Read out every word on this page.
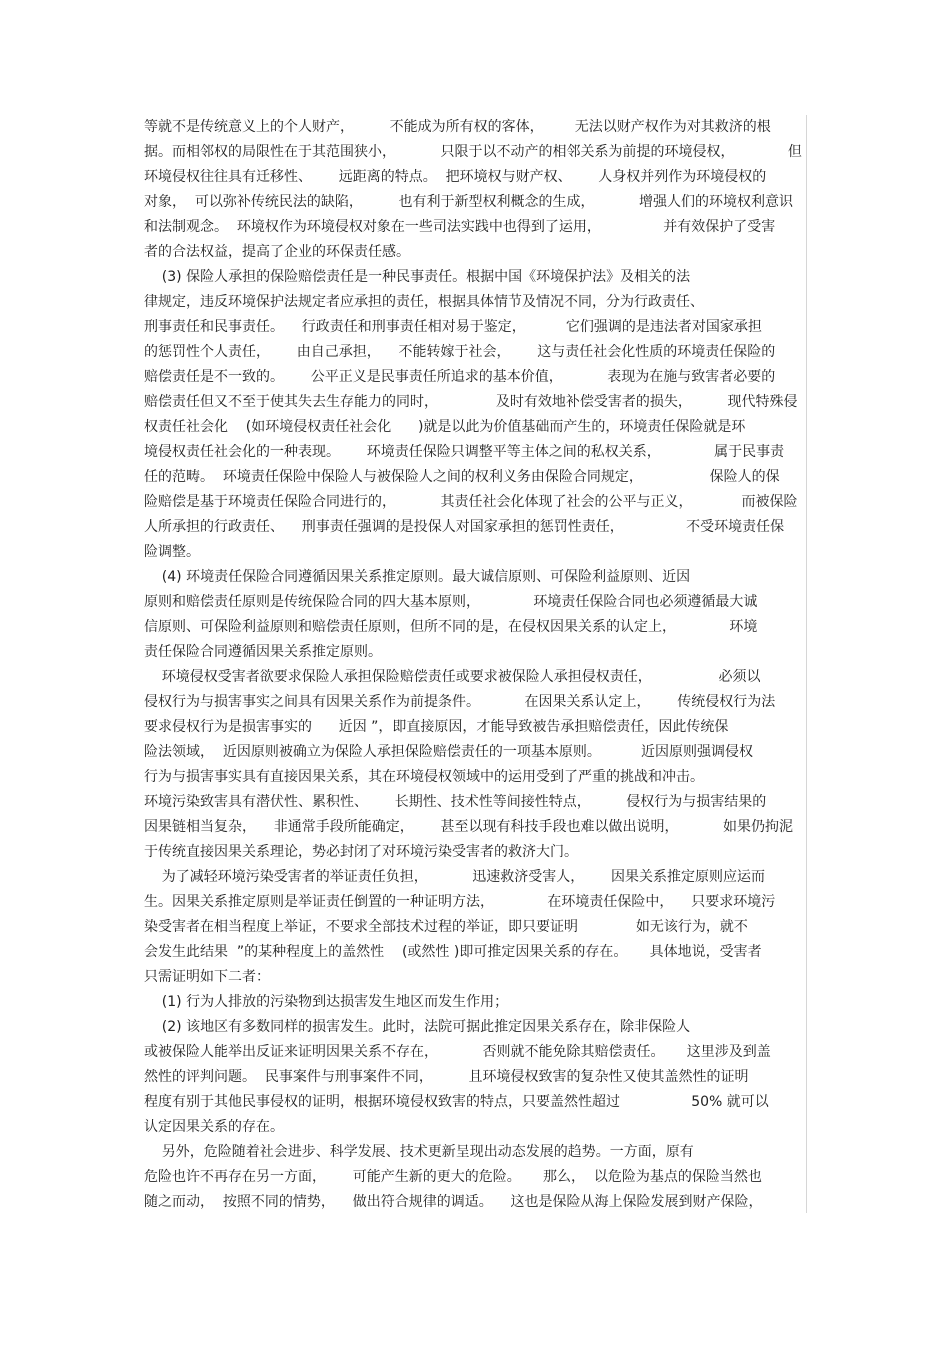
等就不是传统意义上的个人财产，        不能成为所有权的客体，       无法以财产权作为对其救济的根
据。而相邻权的局限性在于其范围狭小，          只限于以不动产的相邻关系为前提的环境侵权，            但
环境侵权往往具有迁移性、      远距离的特点。  把环境权与财产权、      人身权并列作为环境侵权的
对象，  可以弥补传统民法的缺陷，        也有利于新型权利概念的生成，          增强人们的环境权利意识
和法制观念。  环境权作为环境侵权对象在一些司法实践中也得到了运用，              并有效保护了受害
者的合法权益，提高了企业的环保责任感。
(3) 保险人承担的保险赔偿责任是一种民事责任。根据中国《环境保护法》及相关的法
律规定，违反环境保护法规定者应承担的责任，根据具体情节及情况不同，分为行政责任、
刑事责任和民事责任。    行政责任和刑事责任相对易于鉴定，         它们强调的是违法者对国家承担
的惩罚性个人责任，      由自己承担，    不能转嫁于社会，      这与责任社会化性质的环境责任保险的
赔偿责任是不一致的。      公平正义是民事责任所追求的基本价值，          表现为在施与致害者必要的
赔偿责任但又不至于使其失去生存能力的同时，             及时有效地补偿受害者的损失，        现代特殊侵
权责任社会化    (如环境侵权责任社会化      )就是以此为价值基础而产生的，环境责任保险就是环
境侵权责任社会化的一种表现。      环境责任保险只调整平等主体之间的私权关系，            属于民事责
任的范畴。  环境责任保险中保险人与被保险人之间的权利义务由保险合同规定，               保险人的保
险赔偿是基于环境责任保险合同进行的，          其责任社会化体现了社会的公平与正义，           而被保险
人所承担的行政责任、    刑事责任强调的是投保人对国家承担的惩罚性责任，              不受环境责任保
险调整。
(4) 环境责任保险合同遵循因果关系推定原则。最大诚信原则、可保险利益原则、近因
原则和赔偿责任原则是传统保险合同的四大基本原则，            环境责任保险合同也必须遵循最大诚
信原则、可保险利益原则和赔偿责任原则，但所不同的是，在侵权因果关系的认定上，            环境
责任保险合同遵循因果关系推定原则。
环境侵权受害者欲要求保险人承担保险赔偿责任或要求被保险人承担侵权责任，               必须以
侵权行为与损害事实之间具有因果关系作为前提条件。          在因果关系认定上，      传统侵权行为法
要求侵权行为是损害事实的      近因 ”，即直接原因，才能导致被告承担赔偿责任，因此传统保
险法领域，  近因原则被确立为保险人承担保险赔偿责任的一项基本原则。         近因原则强调侵权
行为与损害事实具有直接因果关系，其在环境侵权领域中的运用受到了严重的挑战和冲击。
环境污染致害具有潜伏性、累积性、      长期性、技术性等间接性特点，        侵权行为与损害结果的
因果链相当复杂，    非通常手段所能确定，      甚至以现有科技手段也难以做出说明，          如果仍拘泥
于传统直接因果关系理论，势必封闭了对环境污染受害者的救济大门。
为了减轻环境污染受害者的举证责任负担，          迅速救济受害人，      因果关系推定原则应运而
生。因果关系推定原则是举证责任倒置的一种证明方法，            在环境责任保险中，    只要求环境污
染受害者在相当程度上举证，不要求全部技术过程的举证，即只要证明             如无该行为，就不
会发生此结果  ”的某种程度上的盖然性    (或然性 )即可推定因果关系的存在。     具体地说，受害者
只需证明如下二者：
(1) 行为人排放的污染物到达损害发生地区而发生作用；
(2) 该地区有多数同样的损害发生。此时，法院可据此推定因果关系存在，除非保险人
或被保险人能举出反证来证明因果关系不存在，          否则就不能免除其赔偿责任。     这里涉及到盖
然性的评判问题。  民事案件与刑事案件不同，        且环境侵权致害的复杂性又使其盖然性的证明
程度有别于其他民事侵权的证明，根据环境侵权致害的特点，只要盖然性超过                50% 就可以
认定因果关系的存在。
另外，危险随着社会进步、科学发展、技术更新呈现出动态发展的趋势。一方面，原有
危险也许不再存在另一方面，      可能产生新的更大的危险。     那么，  以危险为基点的保险当然也
随之而动，  按照不同的情势，    做出符合规律的调适。    这也是保险从海上保险发展到财产保险，
